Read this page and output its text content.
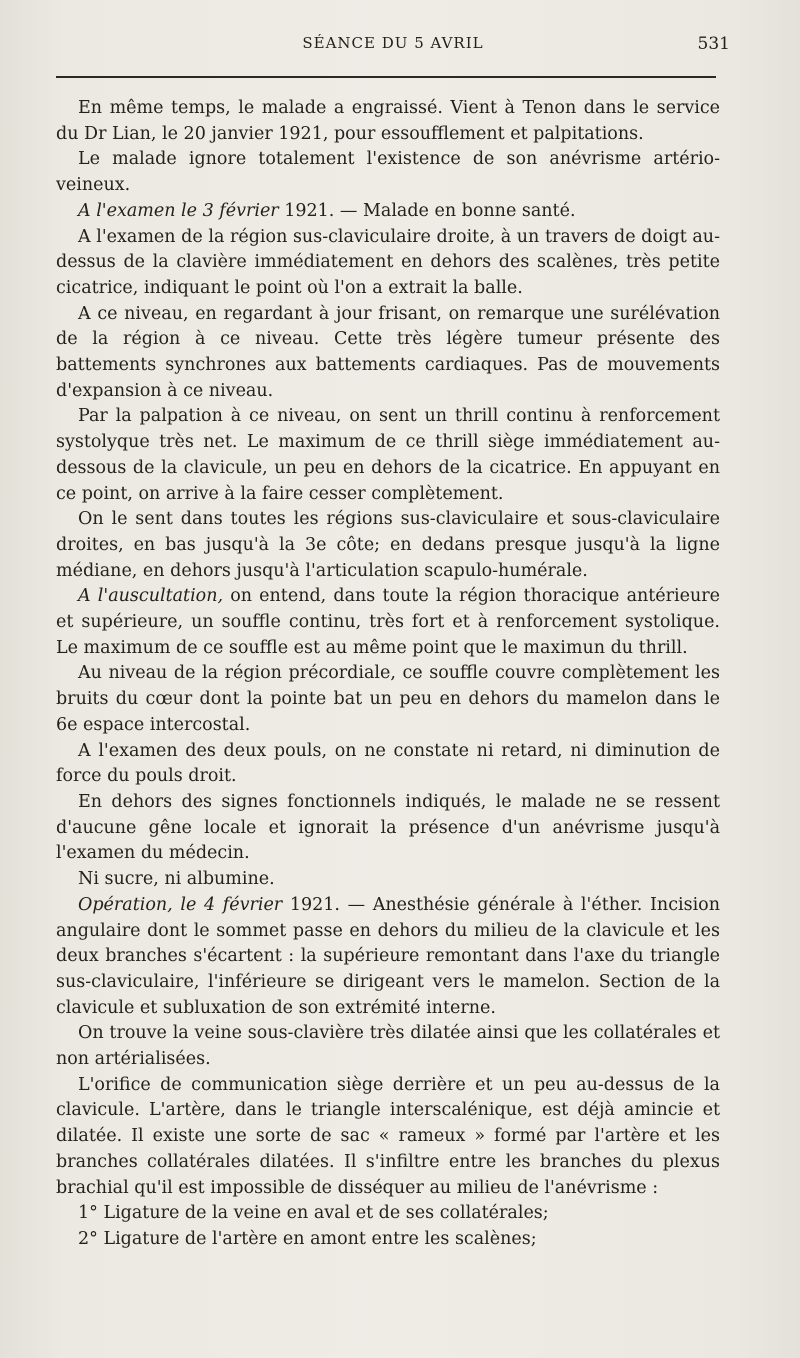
SÉANCE DU 5 AVRIL	531

En même temps, le malade a engraissé. Vient à Tenon dans le service du Dr Lian, le 20 janvier 1921, pour essoufflement et palpitations.

Le malade ignore totalement l'existence de son anévrisme artério-veineux.

A l'examen le 3 février 1921. — Malade en bonne santé.

A l'examen de la région sus-claviculaire droite, à un travers de doigt au-dessus de la clavière immédiatement en dehors des scalènes, très petite cicatrice, indiquant le point où l'on a extrait la balle.

A ce niveau, en regardant à jour frisant, on remarque une surélévation de la région à ce niveau. Cette très légère tumeur présente des battements synchrones aux battements cardiaques. Pas de mouvements d'expansion à ce niveau.

Par la palpation à ce niveau, on sent un thrill continu à renforcement systolyque très net. Le maximum de ce thrill siège immédiatement au-dessous de la clavicule, un peu en dehors de la cicatrice. En appuyant en ce point, on arrive à la faire cesser complètement.

On le sent dans toutes les régions sus-claviculaire et sous-claviculaire droites, en bas jusqu'à la 3e côte; en dedans presque jusqu'à la ligne médiane, en dehors jusqu'à l'articulation scapulo-humérale.

A l'auscultation, on entend, dans toute la région thoracique antérieure et supérieure, un souffle continu, très fort et à renforcement systolique. Le maximum de ce souffle est au même point que le maximun du thrill.

Au niveau de la région précordiale, ce souffle couvre complètement les bruits du cœur dont la pointe bat un peu en dehors du mamelon dans le 6e espace intercostal.

A l'examen des deux pouls, on ne constate ni retard, ni diminution de force du pouls droit.

En dehors des signes fonctionnels indiqués, le malade ne se ressent d'aucune gêne locale et ignorait la présence d'un anévrisme jusqu'à l'examen du médecin.

Ni sucre, ni albumine.

Opération, le 4 février 1921. — Anesthésie générale à l'éther. Incision angulaire dont le sommet passe en dehors du milieu de la clavicule et les deux branches s'écartent : la supérieure remontant dans l'axe du triangle sus-claviculaire, l'inférieure se dirigeant vers le mamelon. Section de la clavicule et subluxation de son extrémité interne.

On trouve la veine sous-clavière très dilatée ainsi que les collatérales et non artérialisées.

L'orifice de communication siège derrière et un peu au-dessus de la clavicule. L'artère, dans le triangle interscalénique, est déjà amincie et dilatée. Il existe une sorte de sac « rameux » formé par l'artère et les branches collatérales dilatées. Il s'infiltre entre les branches du plexus brachial qu'il est impossible de disséquer au milieu de l'anévrisme :

1° Ligature de la veine en aval et de ses collatérales;

2° Ligature de l'artère en amont entre les scalènes;
